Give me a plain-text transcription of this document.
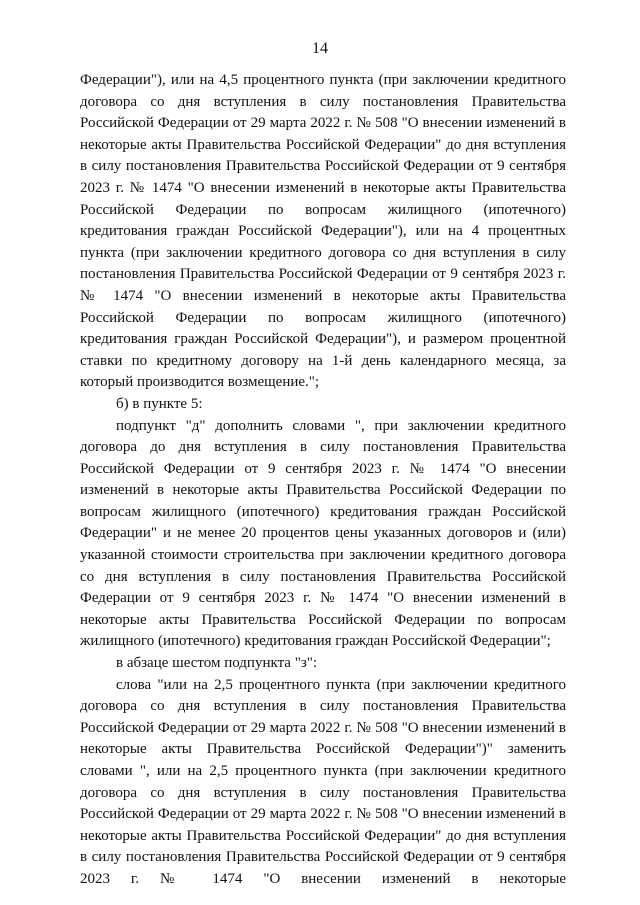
14

Федерации"), или на 4,5 процентного пункта (при заключении кредитного договора со дня вступления в силу постановления Правительства Российской Федерации от 29 марта 2022 г. № 508 "О внесении изменений в некоторые акты Правительства Российской Федерации" до дня вступления в силу постановления Правительства Российской Федерации от 9 сентября 2023 г. № 1474 "О внесении изменений в некоторые акты Правительства Российской Федерации по вопросам жилищного (ипотечного) кредитования граждан Российской Федерации"), или на 4 процентных пункта (при заключении кредитного договора со дня вступления в силу постановления Правительства Российской Федерации от 9 сентября 2023 г. № 1474 "О внесении изменений в некоторые акты Правительства Российской Федерации по вопросам жилищного (ипотечного) кредитования граждан Российской Федерации"), и размером процентной ставки по кредитному договору на 1-й день календарного месяца, за который производится возмещение.";

б) в пункте 5:

подпункт "д" дополнить словами ", при заключении кредитного договора до дня вступления в силу постановления Правительства Российской Федерации от 9 сентября 2023 г. № 1474 "О внесении изменений в некоторые акты Правительства Российской Федерации по вопросам жилищного (ипотечного) кредитования граждан Российской Федерации" и не менее 20 процентов цены указанных договоров и (или) указанной стоимости строительства при заключении кредитного договора со дня вступления в силу постановления Правительства Российской Федерации от 9 сентября 2023 г. № 1474 "О внесении изменений в некоторые акты Правительства Российской Федерации по вопросам жилищного (ипотечного) кредитования граждан Российской Федерации";

в абзаце шестом подпункта "з":

слова "или на 2,5 процентного пункта (при заключении кредитного договора со дня вступления в силу постановления Правительства Российской Федерации от 29 марта 2022 г. № 508 "О внесении изменений в некоторые акты Правительства Российской Федерации")" заменить словами ", или на 2,5 процентного пункта (при заключении кредитного договора со дня вступления в силу постановления Правительства Российской Федерации от 29 марта 2022 г. № 508 "О внесении изменений в некоторые акты Правительства Российской Федерации" до дня вступления в силу постановления Правительства Российской Федерации от 9 сентября 2023 г. № 1474 "О внесении изменений в некоторые
